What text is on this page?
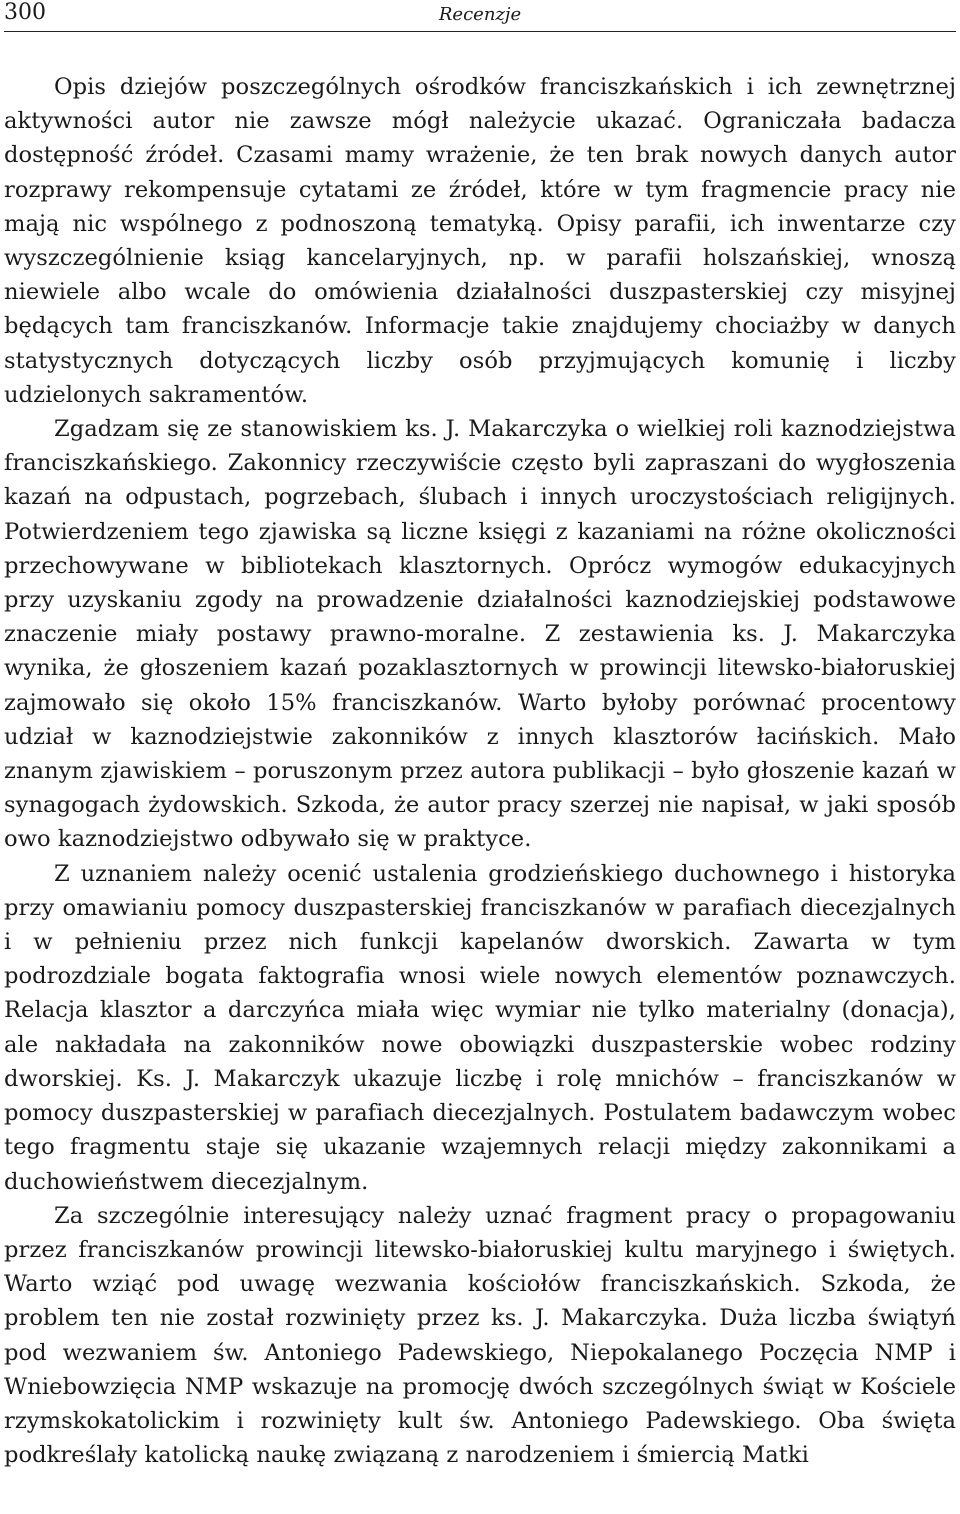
300	Recenzje

Opis dziejów poszczególnych ośrodków franciszkańskich i ich zewnętrznej aktywności autor nie zawsze mógł należycie ukazać. Ograniczała badacza dostępność źródeł. Czasami mamy wrażenie, że ten brak nowych danych autor rozprawy rekompensuje cytatami ze źródeł, które w tym fragmencie pracy nie mają nic wspólnego z podnoszoną tematyką. Opisy parafii, ich inwentarze czy wyszczególnienie ksiąg kancelaryjnych, np. w parafii holszańskiej, wnoszą niewiele albo wcale do omówienia działalności duszpasterskiej czy misyjnej będących tam franciszkanów. Informacje takie znajdujemy chociażby w danych statystycznych dotyczących liczby osób przyjmujących komunię i liczby udzielonych sakramentów.

Zgadzam się ze stanowiskiem ks. J. Makarczyka o wielkiej roli kaznodziejstwa franciszkańskiego. Zakonnicy rzeczywiście często byli zapraszani do wygłoszenia kazań na odpustach, pogrzebach, ślubach i innych uroczystościach religijnych. Potwierdzeniem tego zjawiska są liczne księgi z kazaniami na różne okoliczności przechowywane w bibliotekach klasztornych. Oprócz wymogów edukacyjnych przy uzyskaniu zgody na prowadzenie działalności kaznodziejskiej podstawowe znaczenie miały postawy prawno-moralne. Z zestawienia ks. J. Makarczyka wynika, że głoszeniem kazań pozaklasztornych w prowincji litewsko-białoruskiej zajmowało się około 15% franciszkanów. Warto byłoby porównać procentowy udział w kaznodziejstwie zakonników z innych klasztorów łacińskich. Mało znanym zjawiskiem – poruszonym przez autora publikacji – było głoszenie kazań w synagogach żydowskich. Szkoda, że autor pracy szerzej nie napisał, w jaki sposób owo kaznodziejstwo odbywało się w praktyce.

Z uznaniem należy ocenić ustalenia grodzieńskiego duchownego i historyka przy omawianiu pomocy duszpasterskiej franciszkanów w parafiach diecezjalnych i w pełnieniu przez nich funkcji kapelanów dworskich. Zawarta w tym podrozdziale bogata faktografia wnosi wiele nowych elementów poznawczych. Relacja klasztor a darczyńca miała więc wymiar nie tylko materialny (donacja), ale nakładała na zakonników nowe obowiązki duszpasterskie wobec rodziny dworskiej. Ks. J. Makarczyk ukazuje liczbę i rolę mnichów – franciszkanów w pomocy duszpasterskiej w parafiach diecezjalnych. Postulatem badawczym wobec tego fragmentu staje się ukazanie wzajemnych relacji między zakonnikami a duchowieństwem diecezjalnym.

Za szczególnie interesujący należy uznać fragment pracy o propagowaniu przez franciszkanów prowincji litewsko-białoruskiej kultu maryjnego i świętych. Warto wziąć pod uwagę wezwania kościołów franciszkańskich. Szkoda, że problem ten nie został rozwinięty przez ks. J. Makarczyka. Duża liczba świątyń pod wezwaniem św. Antoniego Padewskiego, Niepokalanego Poczęcia NMP i Wniebowzięcia NMP wskazuje na promocję dwóch szczególnych świąt w Kościele rzymskokatolickim i rozwinięty kult św. Antoniego Padewskiego. Oba święta podkreślały katolicką naukę związaną z narodzeniem i śmiercią Matki
